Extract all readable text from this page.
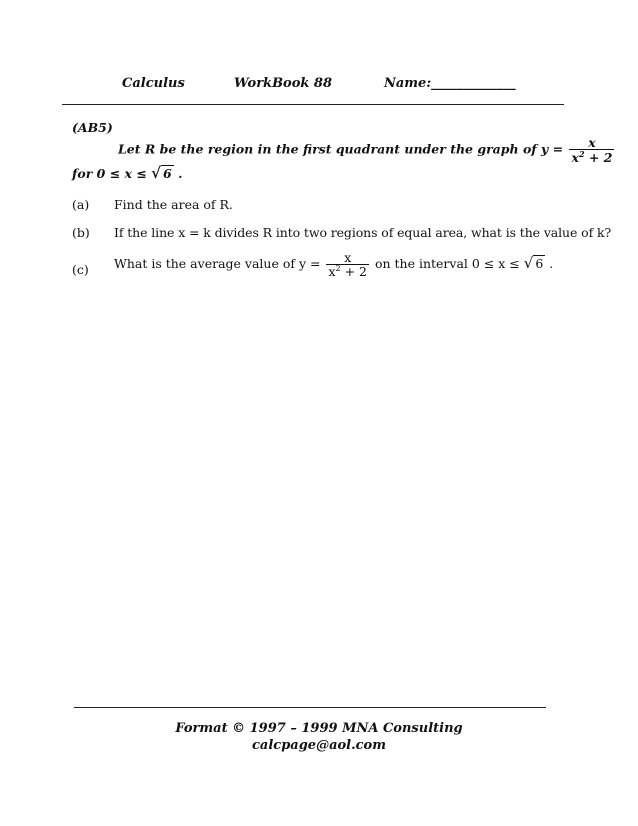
Calculus	WorkBook 88	Name:_____________
(AB5)
Let R be the region in the first quadrant under the graph of $y = \frac{x}{x^2 + 2}$
for 0 ≤ x ≤ √ 6 .
(a) Find the area of R.
(b) If the line x = k divides R into two regions of equal area, what is the value of k?
(c) What is the average value of $y = \frac{x}{x^2 + 2}$ on the interval 0 ≤ x ≤ √ 6 .
Format © 1997 – 1999 MNA Consulting
calcpage@aol.com
